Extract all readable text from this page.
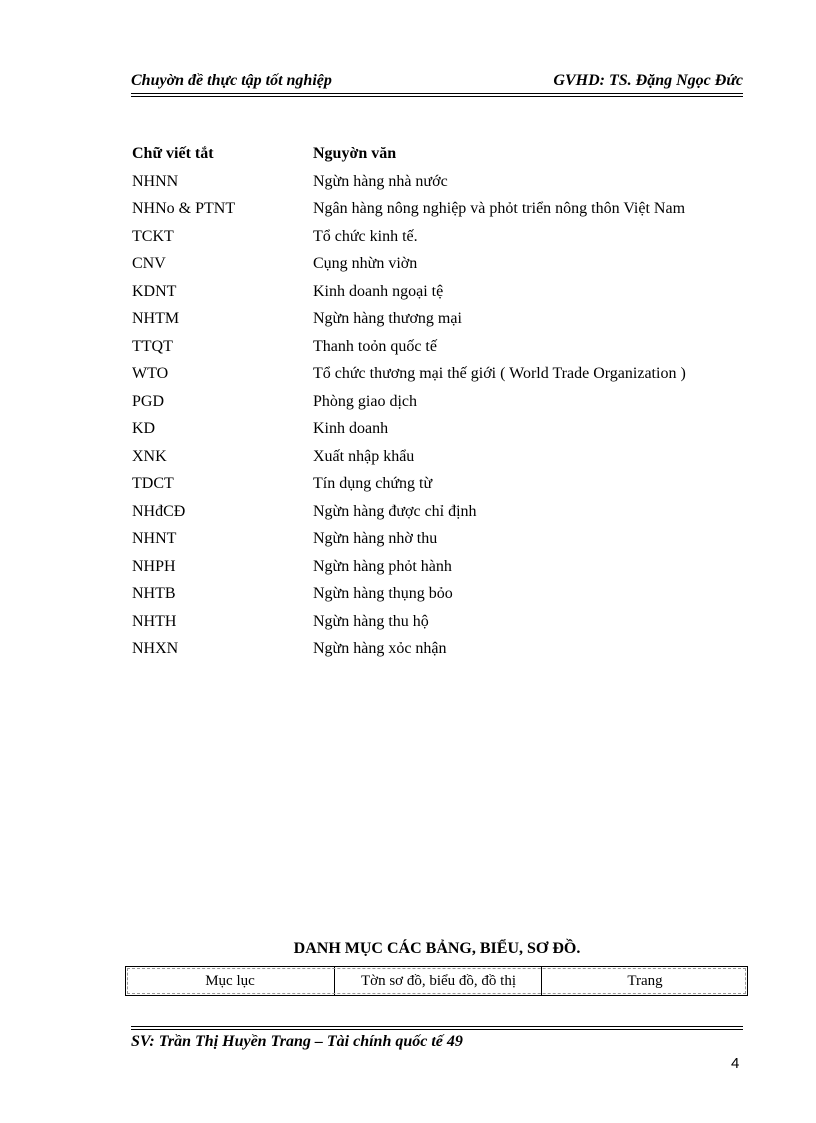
Chuyờn đề thực tập tốt nghiệp	GVHD: TS. Đặng Ngọc Đức
Chữ viết tắt	Nguyờn văn
NHNN	Ngừn hàng nhà nước
NHNo & PTNT	Ngân hàng nông nghiệp và phỏt triển nông thôn Việt Nam
TCKT	Tổ chức kinh tế.
CNV	Cụng nhừn viờn
KDNT	Kinh doanh ngoại tệ
NHTM	Ngừn hàng thương mại
TTQT	Thanh toỏn quốc tế
WTO	Tổ chức thương mại thế giới ( World Trade Organization )
PGD	Phòng giao dịch
KD	Kinh doanh
XNK	Xuất nhập khẩu
TDCT	Tín dụng chứng từ
NHđCĐ	Ngừn hàng được chỉ định
NHNT	Ngừn hàng nhờ thu
NHPH	Ngừn hàng phỏt hành
NHTB	Ngừn hàng thụng bỏo
NHTH	Ngừn hàng thu hộ
NHXN	Ngừn hàng xỏc nhận
DANH MỤC CÁC BẢNG, BIỂU, SƠ ĐỒ.
Mục lục	Tờn sơ đồ, biểu đồ, đồ thị	Trang
SV: Trần Thị Huyền Trang – Tài chính quốc tế 49
4
